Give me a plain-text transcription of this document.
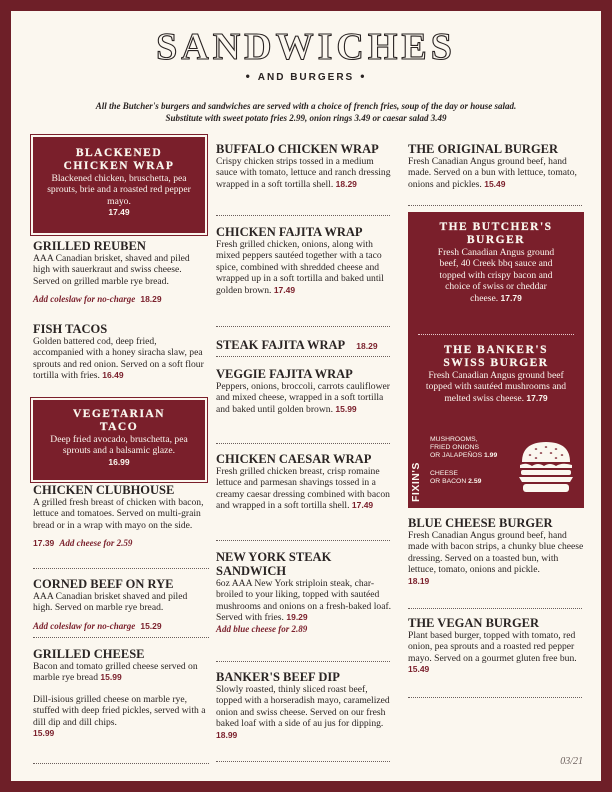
SANDWICHES
• AND BURGERS •
All the Butcher's burgers and sandwiches are served with a choice of french fries, soup of the day or house salad.
Substitute with sweet potato fries 2.99, onion rings 3.49 or caesar salad 3.49
BLACKENED
CHICKEN WRAP
Blackened chicken, bruschetta, pea sprouts, brie and a roasted red pepper mayo.
17.49
GRILLED REUBEN
AAA Canadian brisket, shaved and piled high with sauerkraut and swiss cheese. Served on grilled marble rye bread.
Add coleslaw for no-charge 18.29
FISH TACOS
Golden battered cod, deep fried, accompanied with a honey siracha slaw, pea sprouts and red onion. Served on a soft flour tortilla with fries. 16.49
VEGETARIAN
TACO
Deep fried avocado, bruschetta, pea sprouts and a balsamic glaze.
16.99
CHICKEN CLUBHOUSE
A grilled fresh breast of chicken with bacon, lettuce and tomatoes. Served on multi-grain bread or in a wrap with mayo on the side.
17.39 Add cheese for 2.59
CORNED BEEF ON RYE
AAA Canadian brisket shaved and piled high. Served on marble rye bread.
Add coleslaw for no-charge 15.29
GRILLED CHEESE
Bacon and tomato grilled cheese served on marble rye bread 15.99
Dill-isious grilled cheese on marble rye, stuffed with deep fried pickles, served with a dill dip and dill chips.
15.99
BUFFALO CHICKEN WRAP
Crispy chicken strips tossed in a medium sauce with tomato, lettuce and ranch dressing wrapped in a soft tortilla shell. 18.29
CHICKEN FAJITA WRAP
Fresh grilled chicken, onions, along with mixed peppers sautéed together with a taco spice, combined with shredded cheese and wrapped up in a soft tortilla and baked until golden brown. 17.49
STEAK FAJITA WRAP 18.29
VEGGIE FAJITA WRAP
Peppers, onions, broccoli, carrots cauliflower and mixed cheese, wrapped in a soft tortilla and baked until golden brown. 15.99
CHICKEN CAESAR WRAP
Fresh grilled chicken breast, crisp romaine lettuce and parmesan shavings tossed in a creamy caesar dressing combined with bacon and wrapped in a soft tortilla shell. 17.49
NEW YORK STEAK
SANDWICH
6oz AAA New York striploin steak, char-broiled to your liking, topped with sautéed mushrooms and onions on a fresh-baked loaf. Served with fries. 19.29
Add blue cheese for 2.89
BANKER'S BEEF DIP
Slowly roasted, thinly sliced roast beef, topped with a horseradish mayo, caramelized onion and swiss cheese. Served on our fresh baked loaf with a side of au jus for dipping. 18.99
THE ORIGINAL BURGER
Fresh Canadian Angus ground beef, hand made. Served on a bun with lettuce, tomato, onions and pickles. 15.49
THE BUTCHER'S
BURGER
Fresh Canadian Angus ground beef, 40 Creek bbq sauce and topped with crispy bacon and choice of swiss or cheddar cheese. 17.79
THE BANKER'S
SWISS BURGER
Fresh Canadian Angus ground beef topped with sautéed mushrooms and melted swiss cheese. 17.79
FIXIN'S
MUSHROOMS,
FRIED ONIONS
OR JALAPEÑOS 1.99
CHEESE
OR BACON 2.59
BLUE CHEESE BURGER
Fresh Canadian Angus ground beef, hand made with bacon strips, a chunky blue cheese dressing. Served on a toasted bun, with lettuce, tomato, onions and pickle.
18.19
THE VEGAN BURGER
Plant based burger, topped with tomato, red onion, pea sprouts and a roasted red pepper mayo. Served on a gourmet gluten free bun.
15.49
03/21
